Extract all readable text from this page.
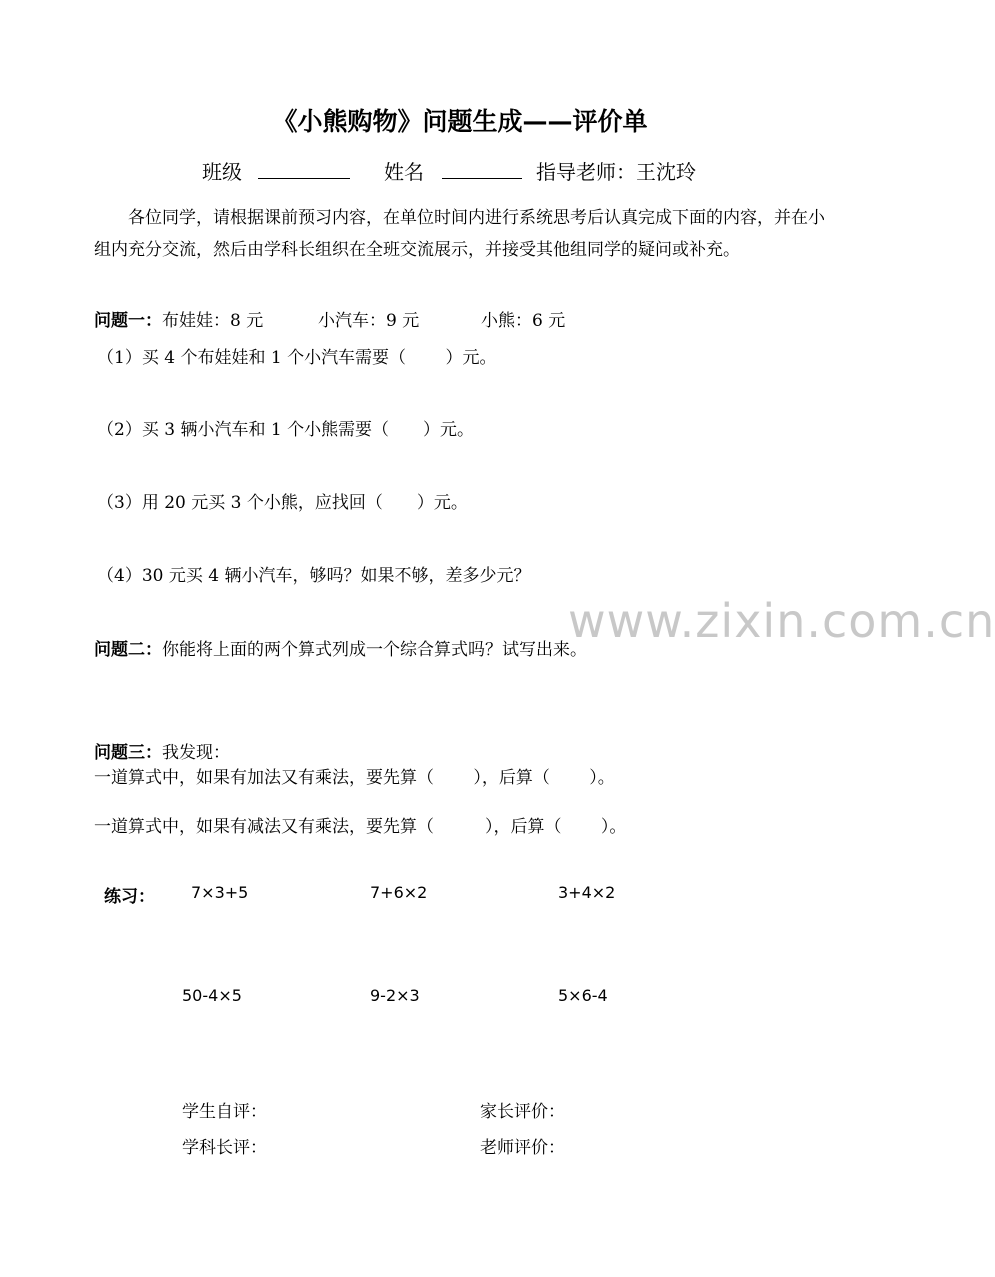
www.zixin.com.cn
《小熊购物》问题生成——评价单
班级	姓名	指导老师：王沈玲
各位同学，请根据课前预习内容，在单位时间内进行系统思考后认真完成下面的内容，并在小组内充分交流，然后由学科长组织在全班交流展示，并接受其他组同学的疑问或补充。
问题一：布娃娃：8 元	小汽车：9 元	小熊：6 元
（1）买 4 个布娃娃和 1 个小汽车需要（　　 ）元。
（2）买 3 辆小汽车和 1 个小熊需要（　　）元。
（3）用 20 元买 3 个小熊，应找回（　　）元。
（4）30 元买 4 辆小汽车，够吗？如果不够，差多少元？
问题二：你能将上面的两个算式列成一个综合算式吗？试写出来。
问题三：我发现：
一道算式中，如果有加法又有乘法，要先算（　　 ），后算（　　 ）。
一道算式中，如果有减法又有乘法，要先算（　　　），后算（　　 ）。
练习： 7×3+5	7+6×2	3+4×2
50-4×5	9-2×3	5×6-4
学生自评：	家长评价：
学科长评：	老师评价：
